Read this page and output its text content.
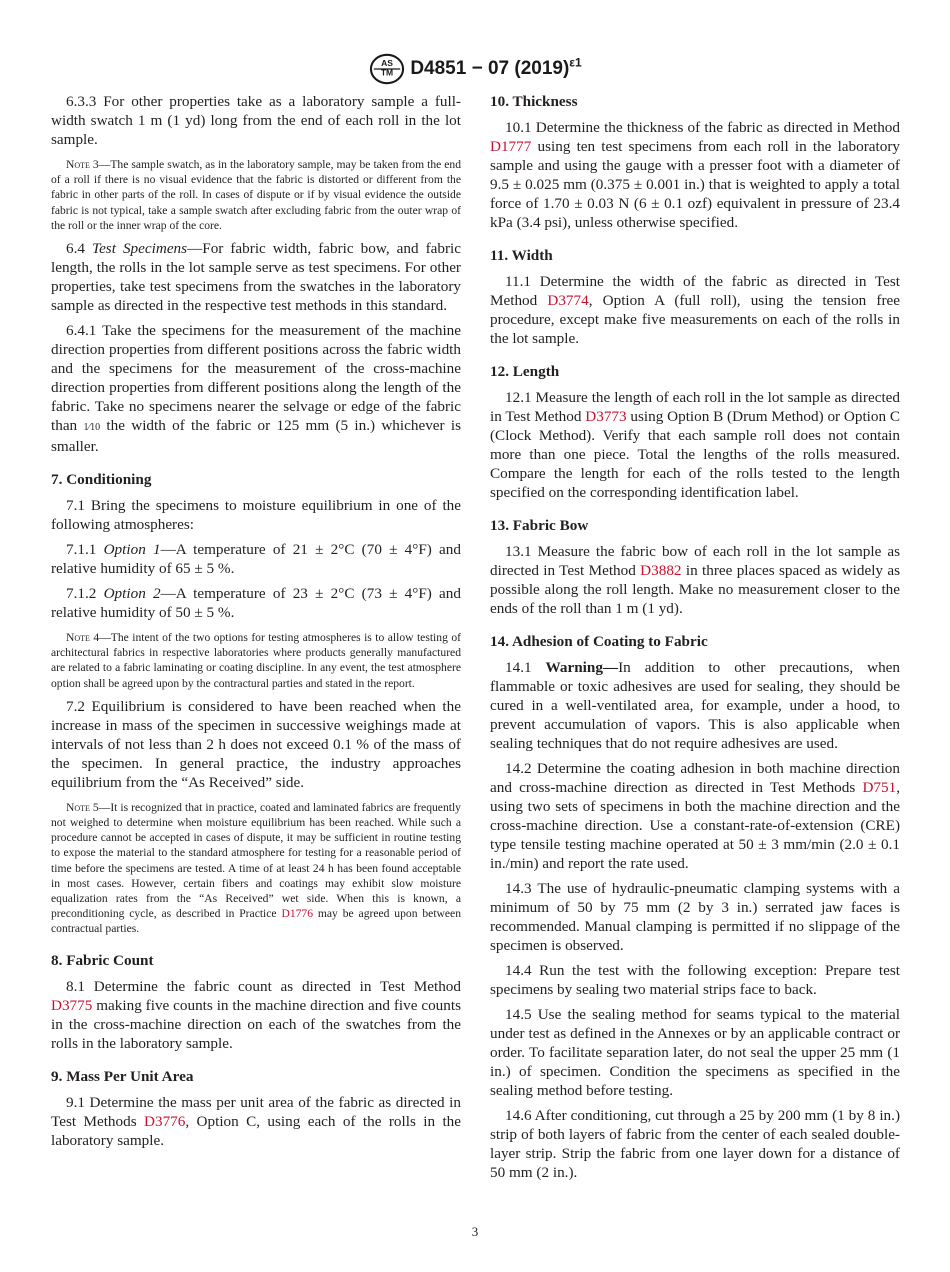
AS
TM D4851 − 07 $(2019)^{\varepsilon 1}$

6.3.3 For other properties take as a laboratory sample a full-width swatch 1 m (1 yd) long from the end of each roll in the lot sample.

Note 3—The sample swatch, as in the laboratory sample, may be taken from the end of a roll if there is no visual evidence that the fabric is distorted or different from the fabric in other parts of the roll. In cases of dispute or if by visual evidence the outside fabric is not typical, take a sample swatch after excluding fabric from the outer wrap of the roll or the inner wrap of the core.

6.4 Test Specimens—For fabric width, fabric bow, and fabric length, the rolls in the lot sample serve as test specimens. For other properties, take test specimens from the swatches in the laboratory sample as directed in the respective test methods in this standard.

6.4.1 Take the specimens for the measurement of the machine direction properties from different positions across the fabric width and the specimens for the measurement of the cross-machine direction properties from different positions along the length of the fabric. Take no specimens nearer the selvage or edge of the fabric than 1⁄10 the width of the fabric or 125 mm (5 in.) whichever is smaller.

7. Conditioning

7.1 Bring the specimens to moisture equilibrium in one of the following atmospheres:

7.1.1 Option 1—A temperature of 21 ± 2°C (70 ± 4°F) and relative humidity of 65 ± 5 %.

7.1.2 Option 2—A temperature of 23 ± 2°C (73 ± 4°F) and relative humidity of 50 ± 5 %.

Note 4—The intent of the two options for testing atmospheres is to allow testing of architectural fabrics in respective laboratories where products generally manufactured are related to a fabric laminating or coating discipline. In any event, the test atmosphere option shall be agreed upon by the contractural parties and stated in the report.

7.2 Equilibrium is considered to have been reached when the increase in mass of the specimen in successive weighings made at intervals of not less than 2 h does not exceed 0.1 % of the mass of the specimen. In general practice, the industry approaches equilibrium from the “As Received” side.

Note 5—It is recognized that in practice, coated and laminated fabrics are frequently not weighed to determine when moisture equilibrium has been reached. While such a procedure cannot be accepted in cases of dispute, it may be sufficient in routine testing to expose the material to the standard atmosphere for testing for a reasonable period of time before the specimens are tested. A time of at least 24 h has been found acceptable in most cases. However, certain fibers and coatings may exhibit slow moisture equalization rates from the “As Received” wet side. When this is known, a preconditioning cycle, as described in Practice D1776 may be agreed upon between contractual parties.
8. Fabric Count

8.1 Determine the fabric count as directed in Test Method D3775 making five counts in the machine direction and five counts in the cross-machine direction on each of the swatches from the rolls in the laboratory sample.

9. Mass Per Unit Area

9.1 Determine the mass per unit area of the fabric as directed in Test Methods D3776, Option C, using each of the rolls in the laboratory sample.

10. Thickness

10.1 Determine the thickness of the fabric as directed in Method D1777 using ten test specimens from each roll in the laboratory sample and using the gauge with a presser foot with a diameter of 9.5 ± 0.025 mm (0.375 ± 0.001 in.) that is weighted to apply a total force of 1.70 ± 0.03 N (6 ± 0.1 ozf) equivalent in pressure of 23.4 kPa (3.4 psi), unless otherwise specified.

11. Width

11.1 Determine the width of the fabric as directed in Test Method D3774, Option A (full roll), using the tension free procedure, except make five measurements on each of the rolls in the lot sample.

12. Length

12.1 Measure the length of each roll in the lot sample as directed in Test Method D3773 using Option B (Drum Method) or Option C (Clock Method). Verify that each sample roll does not contain more than one piece. Total the lengths of the rolls measured. Compare the length for each of the rolls tested to the length specified on the corresponding identification label.

13. Fabric Bow

13.1 Measure the fabric bow of each roll in the lot sample as directed in Test Method D3882 in three places spaced as widely as possible along the roll length. Make no measurement closer to the ends of the roll than 1 m (1 yd).

14. Adhesion of Coating to Fabric

14.1 Warning—In addition to other precautions, when flammable or toxic adhesives are used for sealing, they should be cured in a well-ventilated area, for example, under a hood, to prevent accumulation of vapors. This is also applicable when sealing techniques that do not require adhesives are used.

14.2 Determine the coating adhesion in both machine direction and cross-machine direction as directed in Test Methods D751, using two sets of specimens in both the machine direction and the cross-machine direction. Use a constant-rate-of-extension (CRE) type tensile testing machine operated at 50 ± 3 mm/min (2.0 ± 0.1 in./min) and report the rate used.

14.3 The use of hydraulic-pneumatic clamping systems with a minimum of 50 by 75 mm (2 by 3 in.) serrated jaw faces is recommended. Manual clamping is permitted if no slippage of the specimen is observed.

14.4 Run the test with the following exception: Prepare test specimens by sealing two material strips face to back.

14.5 Use the sealing method for seams typical to the material under test as defined in the Annexes or by an applicable contract or order. To facilitate separation later, do not seal the upper 25 mm (1 in.) of specimen. Condition the specimens as specified in the sealing method before testing.

14.6 After conditioning, cut through a 25 by 200 mm (1 by 8 in.) strip of both layers of fabric from the center of each sealed double-layer strip. Strip the fabric from one layer down for a distance of 50 mm (2 in.).

3
